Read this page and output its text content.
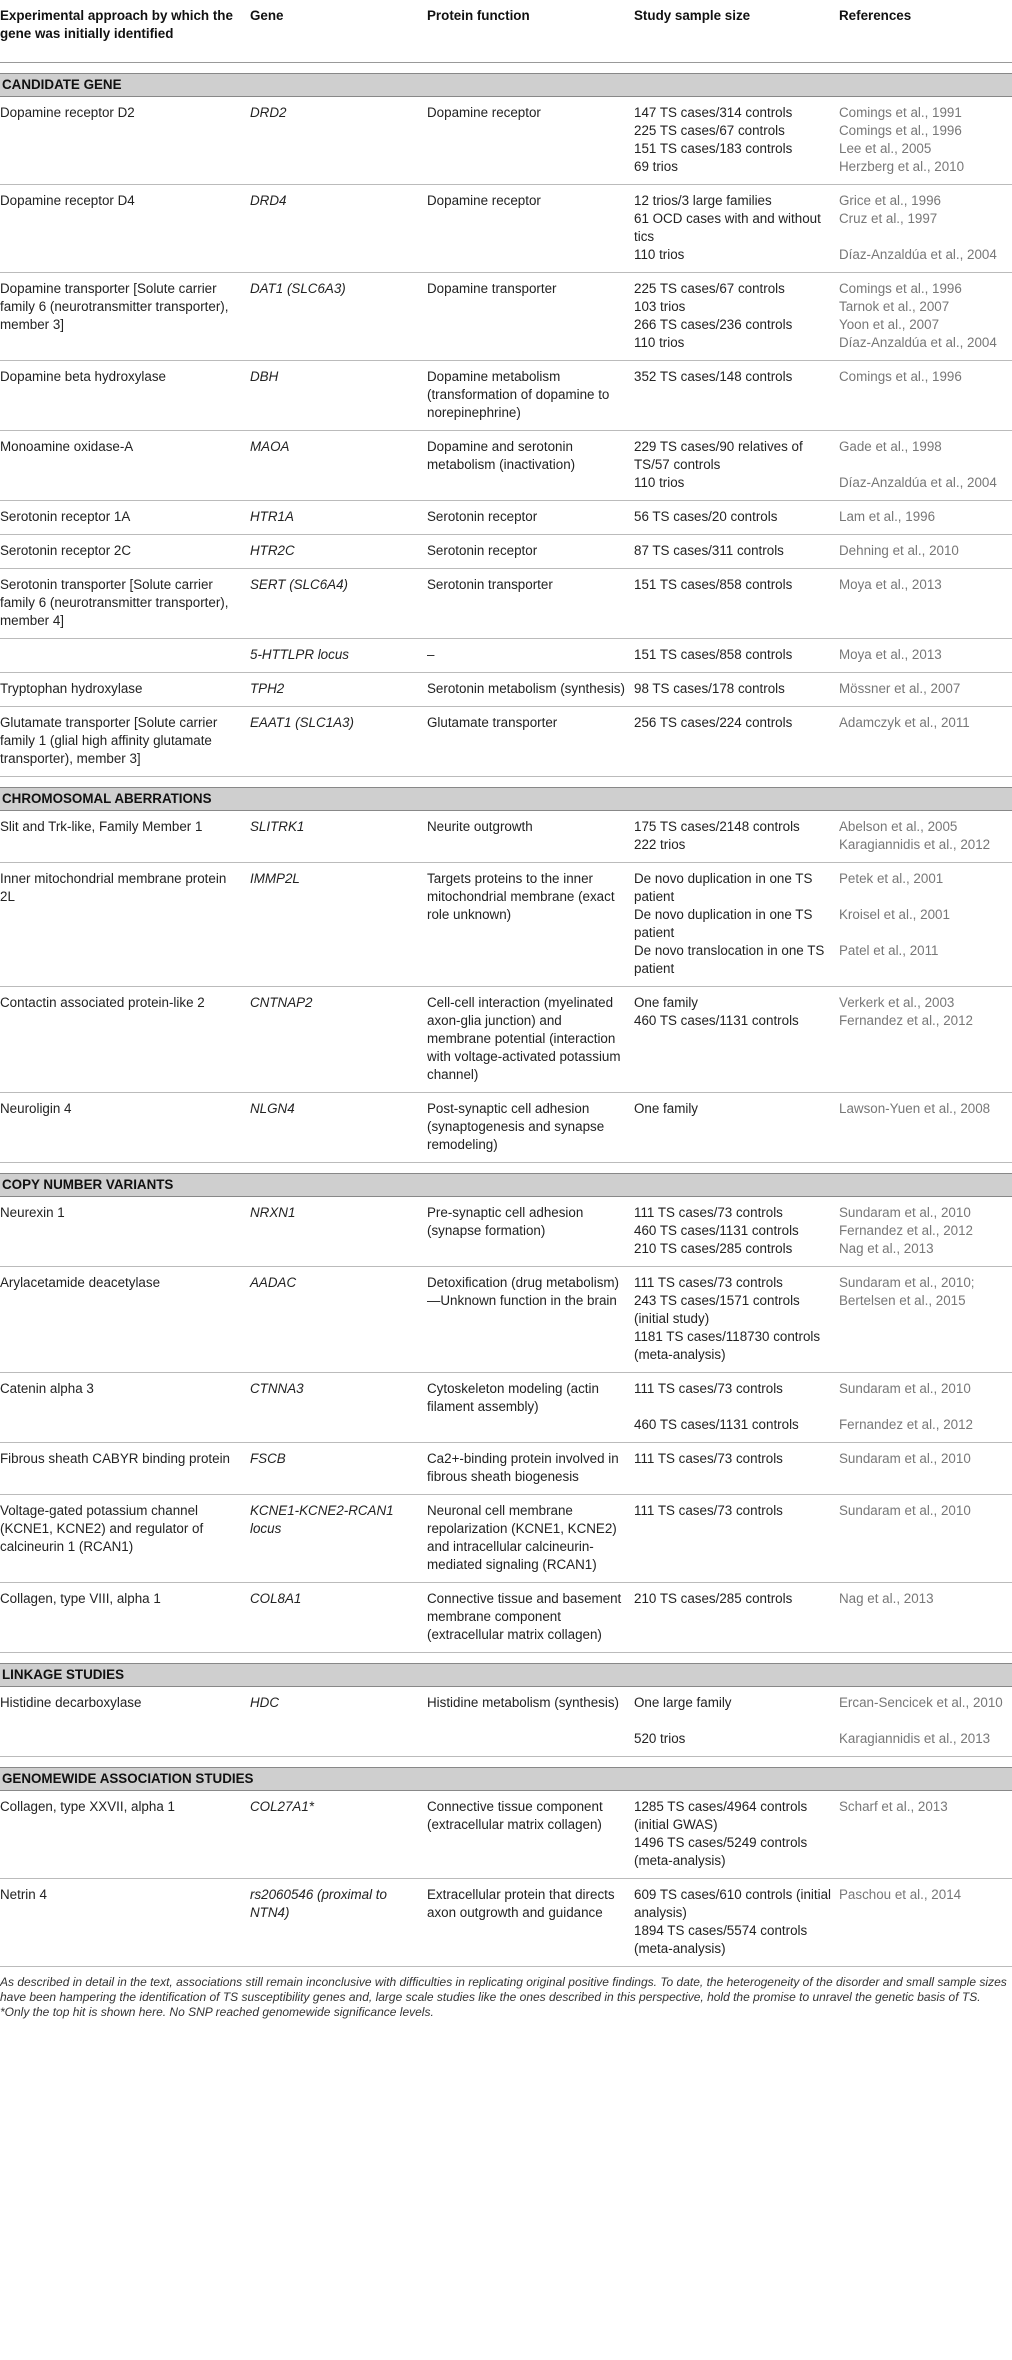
Experimental approach by which the gene was initially identified	Gene	Protein function	Study sample size	References

CANDIDATE GENE				
Dopamine receptor D2	DRD2	Dopamine receptor	147 TS cases/314 controls
225 TS cases/67 controls
151 TS cases/183 controls
69 trios	Comings et al., 1991
Comings et al., 1996
Lee et al., 2005
Herzberg et al., 2010

Dopamine receptor D4	DRD4	Dopamine receptor	12 trios/3 large families
61 OCD cases with and without tics
110 trios	Grice et al., 1996
Cruz et al., 1997
Díaz-Anzaldúa et al., 2004

Dopamine transporter [Solute carrier family 6 (neurotransmitter transporter), member 3]	DAT1 (SLC6A3)	Dopamine transporter	225 TS cases/67 controls
103 trios
266 TS cases/236 controls
110 trios	Comings et al., 1996
Tarnok et al., 2007
Yoon et al., 2007
Díaz-Anzaldúa et al., 2004

Dopamine beta hydroxylase	DBH	Dopamine metabolism (transformation of dopamine to norepinephrine)	352 TS cases/148 controls	Comings et al., 1996

Monoamine oxidase-A	MAOA	Dopamine and serotonin metabolism (inactivation)	229 TS cases/90 relatives of TS/57 controls
110 trios	Gade et al., 1998
Díaz-Anzaldúa et al., 2004

Serotonin receptor 1A	HTR1A	Serotonin receptor	56 TS cases/20 controls	Lam et al., 1996

Serotonin receptor 2C	HTR2C	Serotonin receptor	87 TS cases/311 controls	Dehning et al., 2010

Serotonin transporter [Solute carrier family 6 (neurotransmitter transporter), member 4]	SERT (SLC6A4)	Serotonin transporter	151 TS cases/858 controls	Moya et al., 2013

	5-HTTLPR locus	–	151 TS cases/858 controls	Moya et al., 2013

Tryptophan hydroxylase	TPH2	Serotonin metabolism (synthesis)	98 TS cases/178 controls	Mössner et al., 2007

Glutamate transporter [Solute carrier family 1 (glial high affinity glutamate transporter), member 3]	EAAT1 (SLC1A3)	Glutamate transporter	256 TS cases/224 controls	Adamczyk et al., 2011

CHROMOSOMAL ABERRATIONS				
Slit and Trk-like, Family Member 1	SLITRK1	Neurite outgrowth	175 TS cases/2148 controls
222 trios	Abelson et al., 2005
Karagiannidis et al., 2012

Inner mitochondrial membrane protein 2L	IMMP2L	Targets proteins to the inner mitochondrial membrane (exact role unknown)	De novo duplication in one TS patient
De novo duplication in one TS patient
De novo translocation in one TS patient	Petek et al., 2001
Kroisel et al., 2001
Patel et al., 2011

Contactin associated protein-like 2	CNTNAP2	Cell-cell interaction (myelinated axon-glia junction) and membrane potential (interaction with voltage-activated potassium channel)	One family
460 TS cases/1131 controls	Verkerk et al., 2003
Fernandez et al., 2012

Neuroligin 4	NLGN4	Post-synaptic cell adhesion (synaptogenesis and synapse remodeling)	One family	Lawson-Yuen et al., 2008

COPY NUMBER VARIANTS				
Neurexin 1	NRXN1	Pre-synaptic cell adhesion (synapse formation)	111 TS cases/73 controls
460 TS cases/1131 controls
210 TS cases/285 controls	Sundaram et al., 2010
Fernandez et al., 2012
Nag et al., 2013

Arylacetamide deacetylase	AADAC	Detoxification (drug metabolism)—Unknown function in the brain	111 TS cases/73 controls
243 TS cases/1571 controls (initial study)
1181 TS cases/118730 controls (meta-analysis)	Sundaram et al., 2010;
Bertelsen et al., 2015

Catenin alpha 3	CTNNA3	Cytoskeleton modeling (actin filament assembly)	111 TS cases/73 controls
460 TS cases/1131 controls	Sundaram et al., 2010
Fernandez et al., 2012

Fibrous sheath CABYR binding protein	FSCB	Ca2+-binding protein involved in fibrous sheath biogenesis	111 TS cases/73 controls	Sundaram et al., 2010

Voltage-gated potassium channel (KCNE1, KCNE2) and regulator of calcineurin 1 (RCAN1)	KCNE1-KCNE2-RCAN1 locus	Neuronal cell membrane repolarization (KCNE1, KCNE2) and intracellular calcineurin-mediated signaling (RCAN1)	111 TS cases/73 controls	Sundaram et al., 2010

Collagen, type VIII, alpha 1	COL8A1	Connective tissue and basement membrane component (extracellular matrix collagen)	210 TS cases/285 controls	Nag et al., 2013

LINKAGE STUDIES				
Histidine decarboxylase	HDC	Histidine metabolism (synthesis)	One large family
520 trios	Ercan-Sencicek et al., 2010
Karagiannidis et al., 2013

GENOMEWIDE ASSOCIATION STUDIES				
Collagen, type XXVII, alpha 1	COL27A1*	Connective tissue component (extracellular matrix collagen)	1285 TS cases/4964 controls (initial GWAS)
1496 TS cases/5249 controls (meta-analysis)	Scharf et al., 2013

Netrin 4	rs2060546 (proximal to NTN4)	Extracellular protein that directs axon outgrowth and guidance	609 TS cases/610 controls (initial analysis)
1894 TS cases/5574 controls (meta-analysis)	Paschou et al., 2014

As described in detail in the text, associations still remain inconclusive with difficulties in replicating original positive findings. To date, the heterogeneity of the disorder and small sample sizes have been hampering the identification of TS susceptibility genes and, large scale studies like the ones described in this perspective, hold the promise to unravel the genetic basis of TS.

*Only the top hit is shown here. No SNP reached genomewide significance levels.
